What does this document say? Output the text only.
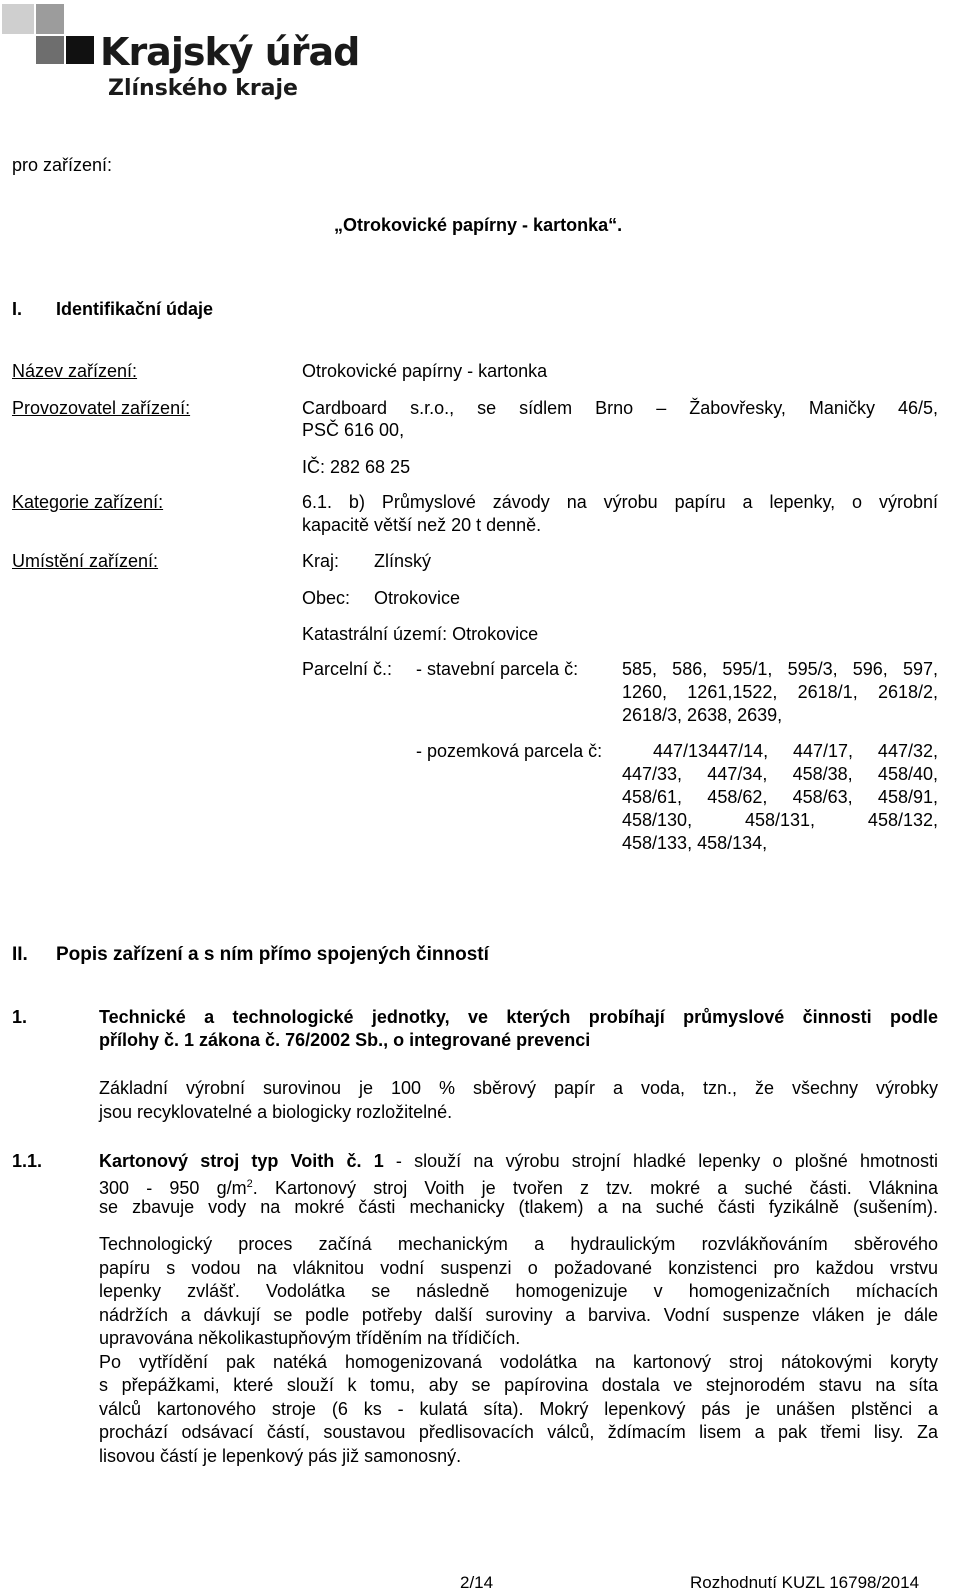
Krajský úřad
Zlínského kraje
pro zařízení:
„Otrokovické papírny - kartonka“.
I. Identifikační údaje
Název zařízení:	Otrokovické papírny - kartonka
Provozovatel zařízení:	Cardboard s.r.o., se sídlem Brno – Žabovřesky, Maničky 46/5,
PSČ 616 00,
IČ: 282 68 25
Kategorie zařízení:	6.1. b) Průmyslové závody na výrobu papíru a lepenky, o výrobní
kapacitě větší než 20 t denně.
Umístění zařízení:	Kraj: Zlínský
Obec: Otrokovice
Katastrální území: Otrokovice
Parcelní č.: - stavební parcela č: 585, 586, 595/1, 595/3, 596, 597,
1260, 1261,1522, 2618/1, 2618/2,
2618/3, 2638, 2639,
- pozemková parcela č:	447/13447/14, 447/17, 447/32,
447/33, 447/34, 458/38, 458/40,
458/61, 458/62, 458/63, 458/91,
458/130, 458/131, 458/132,
458/133, 458/134,
II. Popis zařízení a s ním přímo spojených činností
1.	Technické a technologické jednotky, ve kterých probíhají průmyslové činnosti podle
přílohy č. 1 zákona č. 76/2002 Sb., o integrované prevenci
Základní výrobní surovinou je 100 % sběrový papír a voda, tzn., že všechny výrobky
jsou recyklovatelné a biologicky rozložitelné.
1.1.	Kartonový stroj typ Voith č. 1 - slouží na výrobu strojní hladké lepenky o plošné hmotnosti
300 - 950 $g/m^2$. Kartonový stroj Voith je tvořen z tzv. mokré a suché části. Vláknina
se zbavuje vody na mokré části mechanicky (tlakem) a na suché části fyzikálně (sušením).
Technologický proces začíná mechanickým a hydraulickým rozvlákňováním sběrového
papíru s vodou na vláknitou vodní suspenzi o požadované konzistenci pro každou vrstvu
lepenky zvlášť. Vodolátka se následně homogenizuje v homogenizačních míchacích
nádržích a dávkují se podle potřeby další suroviny a barviva. Vodní suspenze vláken je dále
upravována několikastupňovým tříděním na třídičích.
Po vytřídění pak natéká homogenizovaná vodolátka na kartonový stroj nátokovými koryty
s přepážkami, které slouží k tomu, aby se papírovina dostala ve stejnorodém stavu na síta
válců kartonového stroje (6 ks - kulatá síta). Mokrý lepenkový pás je unášen plstěnci a
prochází odsávací částí, soustavou předlisovacích válců, ždímacím lisem a pak třemi lisy. Za
lisovou částí je lepenkový pás již samonosný.
2/14	Rozhodnutí KUZL 16798/2014
